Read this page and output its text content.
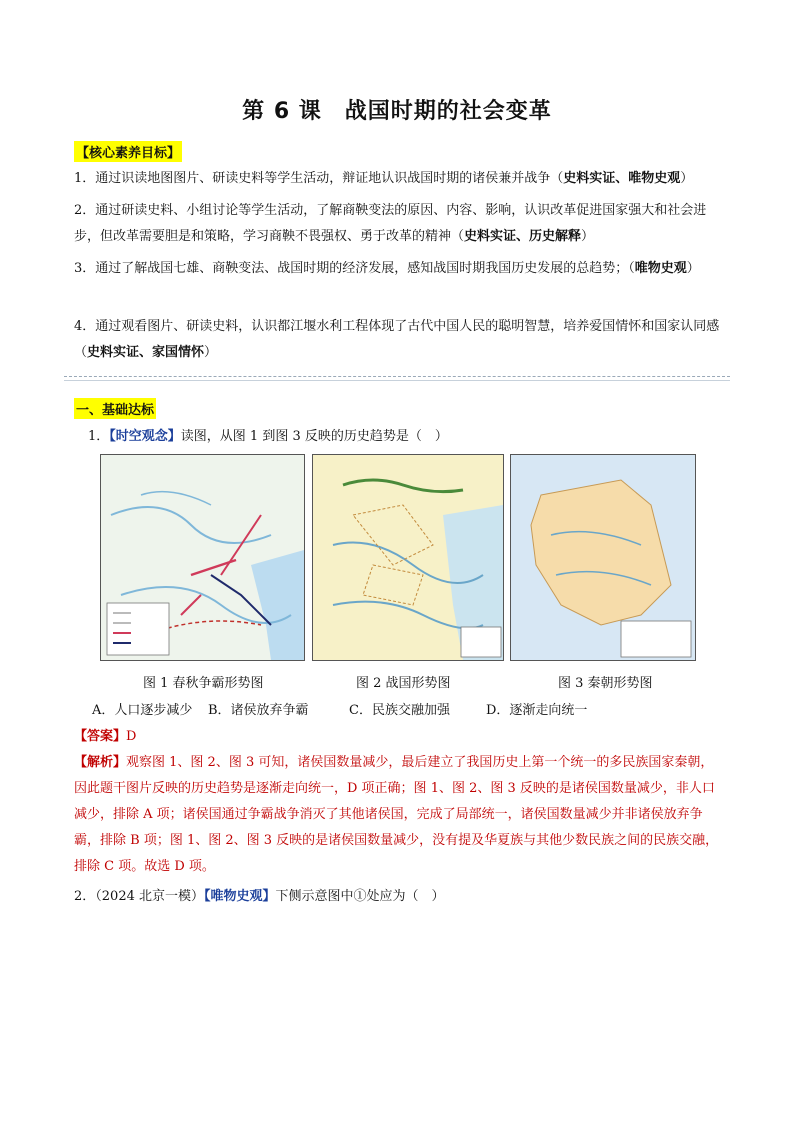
第 6 课　战国时期的社会变革
【核心素养目标】
1．通过识读地图图片、研读史料等学生活动，辩证地认识战国时期的诸侯兼并战争（史料实证、唯物史观）
2．通过研读史料、小组讨论等学生活动，了解商鞅变法的原因、内容、影响，认识改革促进国家强大和社会进步，但改革需要胆是和策略，学习商鞅不畏强权、勇于改革的精神（史料实证、历史解释）
3．通过了解战国七雄、商鞅变法、战国时期的经济发展，感知战国时期我国历史发展的总趋势；（唯物史观）
4．通过观看图片、研读史料，认识都江堰水利工程体现了古代中国人民的聪明智慧，培养爱国情怀和国家认同感（史料实证、家国情怀）
一、基础达标
1．【时空观念】读图，从图 1 到图 3 反映的历史趋势是（　）
图 1 春秋争霸形势图	图 2 战国形势图	图 3 秦朝形势图
A．人口逐步减少 B．诸侯放弃争霸	C．民族交融加强	D．逐渐走向统一
【答案】D
【解析】观察图 1、图 2、图 3 可知，诸侯国数量减少，最后建立了我国历史上第一个统一的多民族国家秦朝，因此题干图片反映的历史趋势是逐渐走向统一，D 项正确；图 1、图 2、图 3 反映的是诸侯国数量减少，非人口减少，排除 A 项；诸侯国通过争霸战争消灭了其他诸侯国，完成了局部统一，诸侯国数量减少并非诸侯放弃争霸，排除 B 项；图 1、图 2、图 3 反映的是诸侯国数量减少，没有提及华夏族与其他少数民族之间的民族交融，排除 C 项。故选 D 项。
2．（2024 北京一模）【唯物史观】下侧示意图中①处应为（　）
